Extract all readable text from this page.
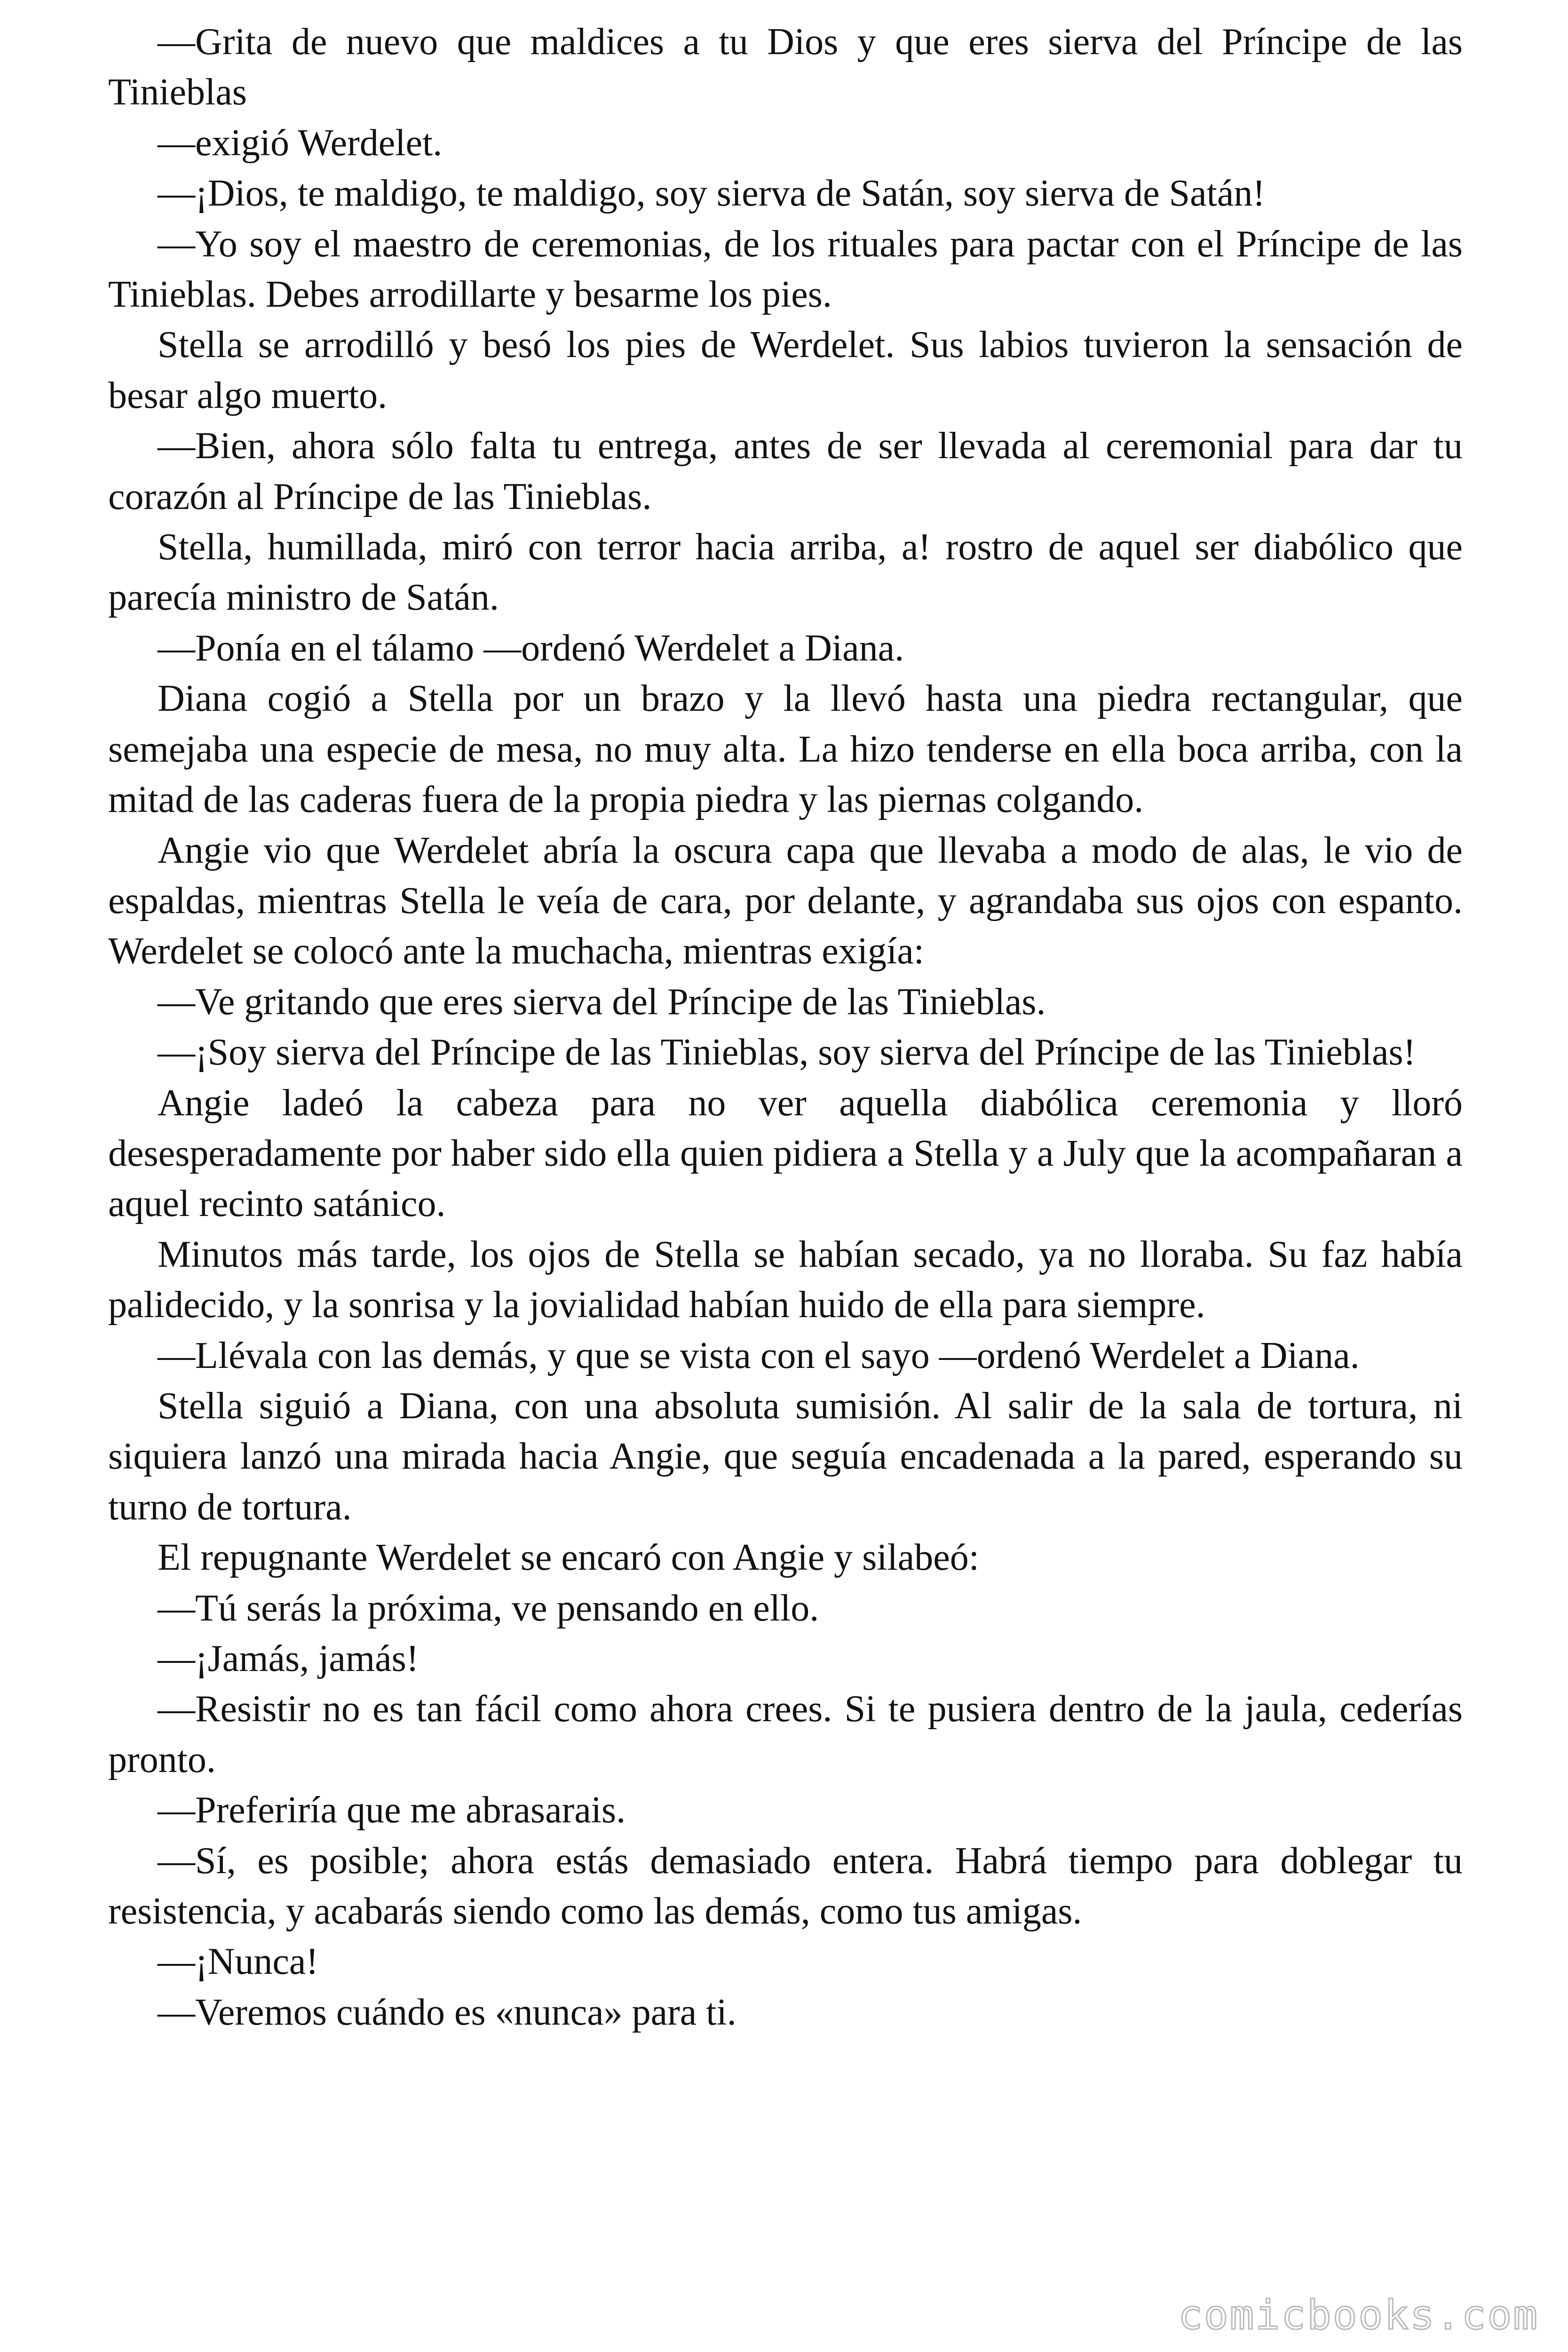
—Grita de nuevo que maldices a tu Dios y que eres sierva del Príncipe de las Tinieblas

—exigió Werdelet.

—¡Dios, te maldigo, te maldigo, soy sierva de Satán, soy sierva de Satán!

—Yo soy el maestro de ceremonias, de los rituales para pactar con el Príncipe de las Tinieblas. Debes arrodillarte y besarme los pies.

Stella se arrodilló y besó los pies de Werdelet. Sus labios tuvieron la sensación de besar algo muerto.

—Bien, ahora sólo falta tu entrega, antes de ser llevada al ceremonial para dar tu corazón al Príncipe de las Tinieblas.

Stella, humillada, miró con terror hacia arriba, a! rostro de aquel ser diabólico que parecía ministro de Satán.

—Ponía en el tálamo —ordenó Werdelet a Diana.

Diana cogió a Stella por un brazo y la llevó hasta una piedra rectangular, que semejaba una especie de mesa, no muy alta. La hizo tenderse en ella boca arriba, con la mitad de las caderas fuera de la propia piedra y las piernas colgando.

Angie vio que Werdelet abría la oscura capa que llevaba a modo de alas, le vio de espaldas, mientras Stella le veía de cara, por delante, y agrandaba sus ojos con espanto. Werdelet se colocó ante la muchacha, mientras exigía:

—Ve gritando que eres sierva del Príncipe de las Tinieblas.

—¡Soy sierva del Príncipe de las Tinieblas, soy sierva del Príncipe de las Tinieblas!

Angie ladeó la cabeza para no ver aquella diabólica ceremonia y lloró desesperadamente por haber sido ella quien pidiera a Stella y a July que la acompañaran a aquel recinto satánico.

Minutos más tarde, los ojos de Stella se habían secado, ya no lloraba. Su faz había palidecido, y la sonrisa y la jovialidad habían huido de ella para siempre.

—Llévala con las demás, y que se vista con el sayo —ordenó Werdelet a Diana.

Stella siguió a Diana, con una absoluta sumisión. Al salir de la sala de tortura, ni siquiera lanzó una mirada hacia Angie, que seguía encadenada a la pared, esperando su turno de tortura.

El repugnante Werdelet se encaró con Angie y silabeó:

—Tú serás la próxima, ve pensando en ello.

—¡Jamás, jamás!

—Resistir no es tan fácil como ahora crees. Si te pusiera dentro de la jaula, cederías pronto.

—Preferiría que me abrasarais.

—Sí, es posible; ahora estás demasiado entera. Habrá tiempo para doblegar tu resistencia, y acabarás siendo como las demás, como tus amigas.

—¡Nunca!

—Veremos cuándo es «nunca» para ti.

comicbooks.com
